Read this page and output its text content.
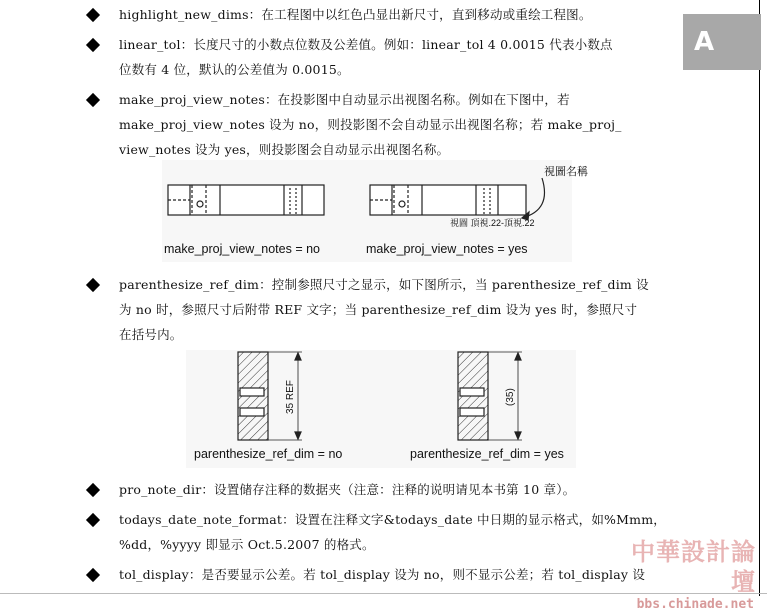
A
highlight_new_dims：在工程图中以红色凸显出新尺寸，直到移动或重绘工程图。
linear_tol：长度尺寸的小数点位数及公差值。例如：linear_tol 4 0.0015 代表小数点
位数有 4 位，默认的公差值为 0.0015。
make_proj_view_notes：在投影图中自动显示出视图名称。例如在下图中，若
make_proj_view_notes 设为 no，则投影图不会自动显示出视图名称；若 make_proj_
view_notes 设为 yes，则投影图会自动显示出视图名称。
視圖 頂視.22-頂視.22
視圖名稱
make_proj_view_notes = no	make_proj_view_notes = yes
parenthesize_ref_dim：控制参照尺寸之显示，如下图所示，当 parenthesize_ref_dim 设
为 no 时，参照尺寸后附带 REF 文字；当 parenthesize_ref_dim 设为 yes 时，参照尺寸
在括号内。
35 REF	(35)
parenthesize_ref_dim = no	parenthesize_ref_dim = yes
pro_note_dir：设置储存注释的数据夹（注意：注释的说明请见本书第 10 章）。
todays_date_note_format：设置在注释文字&todays_date 中日期的显示格式，如%Mmm，
%dd，%yyyy 即显示 Oct.5.2007 的格式。
tol_display：是否要显示公差。若 tol_display 设为 no，则不显示公差；若 tol_display 设
中華設計論壇
bbs.chinade.net
